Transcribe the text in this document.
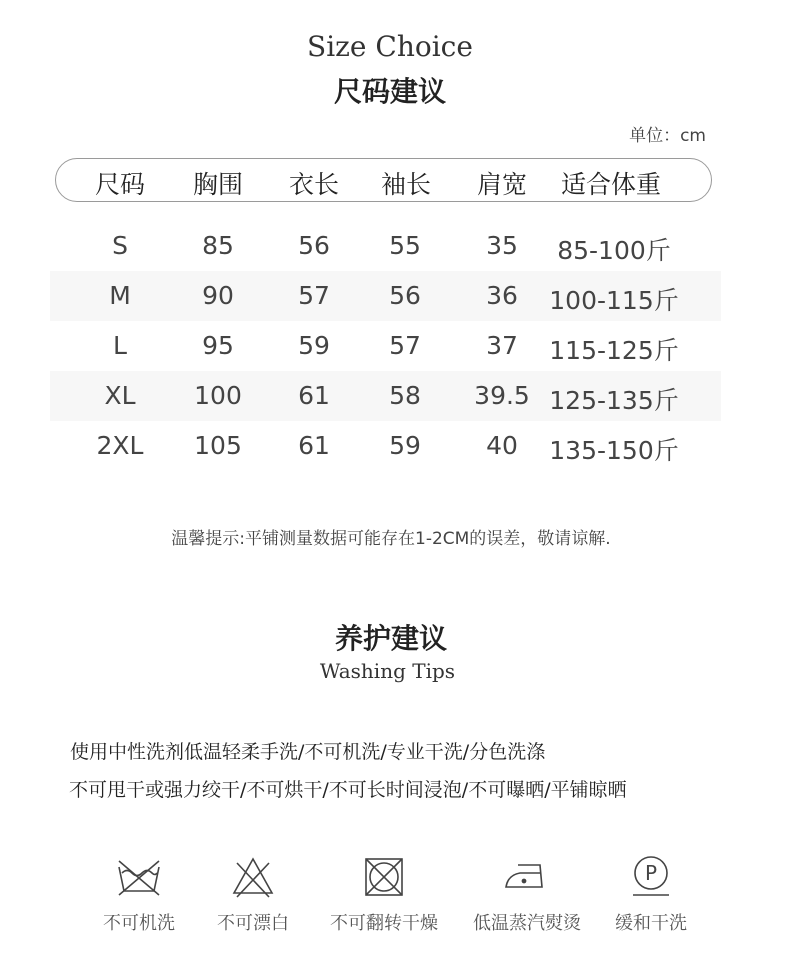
Size Choice
尺码建议
单位：cm
尺码 胸围 衣长 袖长 肩宽 适合体重
S	85	56 55	35 85-100斤
M	90	57 56	36 100-115斤
L	95	59 57	37 115-125斤
XL 100 61 58 39.5 125-135斤
2XL 105 61 59	40 135-150斤
温馨提示:平铺测量数据可能存在1-2CM的误差，敬请谅解.
养护建议
Washing Tips
使用中性洗剂低温轻柔手洗/不可机洗/专业干洗/分色洗涤
不可甩干或强力绞干/不可烘干/不可长时间浸泡/不可曝晒/平铺晾晒
P
不可机洗 不可漂白 不可翻转干燥 低温蒸汽熨烫 缓和干洗
